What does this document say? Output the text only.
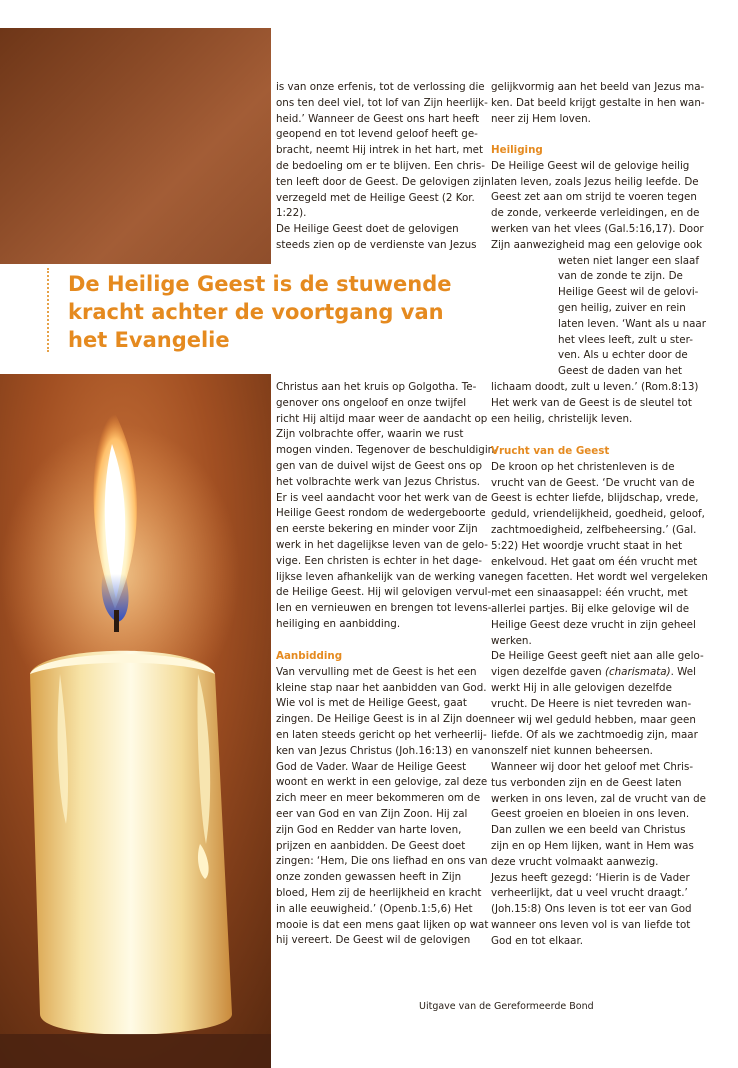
De Heilige Geest is de stuwende kracht achter de voortgang van het Evangelie
is van onze erfenis, tot de verlossing die
ons ten deel viel, tot lof van Zijn heerlijk-
heid.’ Wanneer de Geest ons hart heeft
geopend en tot levend geloof heeft ge-
bracht, neemt Hij intrek in het hart, met
de bedoeling om er te blijven. Een chris-
ten leeft door de Geest. De gelovigen zijn
verzegeld met de Heilige Geest (2 Kor.
1:22).
De Heilige Geest doet de gelovigen
steeds zien op de verdienste van Jezus
Christus aan het kruis op Golgotha. Te-
genover ons ongeloof en onze twijfel
richt Hij altijd maar weer de aandacht op
Zijn volbrachte offer, waarin we rust
mogen vinden. Tegenover de beschuldigin-
gen van de duivel wijst de Geest ons op
het volbrachte werk van Jezus Christus.
Er is veel aandacht voor het werk van de
Heilige Geest rondom de wedergeboorte
en eerste bekering en minder voor Zijn
werk in het dagelijkse leven van de gelo-
vige. Een christen is echter in het dage-
lijkse leven afhankelijk van de werking van
de Heilige Geest. Hij wil gelovigen vervul-
len en vernieuwen en brengen tot levens-
heiliging en aanbidding.
Aanbidding
Van vervulling met de Geest is het een
kleine stap naar het aanbidden van God.
Wie vol is met de Heilige Geest, gaat
zingen. De Heilige Geest is in al Zijn doen
en laten steeds gericht op het verheerlij-
ken van Jezus Christus (Joh.16:13) en van
God de Vader. Waar de Heilige Geest
woont en werkt in een gelovige, zal deze
zich meer en meer bekommeren om de
eer van God en van Zijn Zoon. Hij zal
zijn God en Redder van harte loven,
prijzen en aanbidden. De Geest doet
zingen: ‘Hem, Die ons liefhad en ons van
onze zonden gewassen heeft in Zijn
bloed, Hem zij de heerlijkheid en kracht
in alle eeuwigheid.’ (Openb.1:5,6) Het
mooie is dat een mens gaat lijken op wat
hij vereert. De Geest wil de gelovigen
gelijkvormig aan het beeld van Jezus ma-
ken. Dat beeld krijgt gestalte in hen wan-
neer zij Hem loven.
Heiliging
De Heilige Geest wil de gelovige heilig
laten leven, zoals Jezus heilig leefde. De
Geest zet aan om strijd te voeren tegen
de zonde, verkeerde verleidingen, en de
werken van het vlees (Gal.5:16,17). Door
Zijn aanwezigheid mag een gelovige ook
weten niet langer een slaaf
van de zonde te zijn. De
Heilige Geest wil de gelovi-
gen heilig, zuiver en rein
laten leven. ‘Want als u naar
het vlees leeft, zult u ster-
ven. Als u echter door de
Geest de daden van het
lichaam doodt, zult u leven.’ (Rom.8:13)
Het werk van de Geest is de sleutel tot
een heilig, christelijk leven.
Vrucht van de Geest
De kroon op het christenleven is de
vrucht van de Geest. ‘De vrucht van de
Geest is echter liefde, blijdschap, vrede,
geduld, vriendelijkheid, goedheid, geloof,
zachtmoedigheid, zelfbeheersing.’ (Gal.
5:22) Het woordje vrucht staat in het
enkelvoud. Het gaat om één vrucht met
negen facetten. Het wordt wel vergeleken
met een sinaasappel: één vrucht, met
allerlei partjes. Bij elke gelovige wil de
Heilige Geest deze vrucht in zijn geheel
werken.
De Heilige Geest geeft niet aan alle gelo-
vigen dezelfde gaven (charismata). Wel
werkt Hij in alle gelovigen dezelfde
vrucht. De Heere is niet tevreden wan-
neer wij wel geduld hebben, maar geen
liefde. Of als we zachtmoedig zijn, maar
onszelf niet kunnen beheersen.
Wanneer wij door het geloof met Chris-
tus verbonden zijn en de Geest laten
werken in ons leven, zal de vrucht van de
Geest groeien en bloeien in ons leven.
Dan zullen we een beeld van Christus
zijn en op Hem lijken, want in Hem was
deze vrucht volmaakt aanwezig.
Jezus heeft gezegd: ‘Hierin is de Vader
verheerlijkt, dat u veel vrucht draagt.’
(Joh.15:8) Ons leven is tot eer van God
wanneer ons leven vol is van liefde tot
God en tot elkaar.
Uitgave van de Gereformeerde Bond
